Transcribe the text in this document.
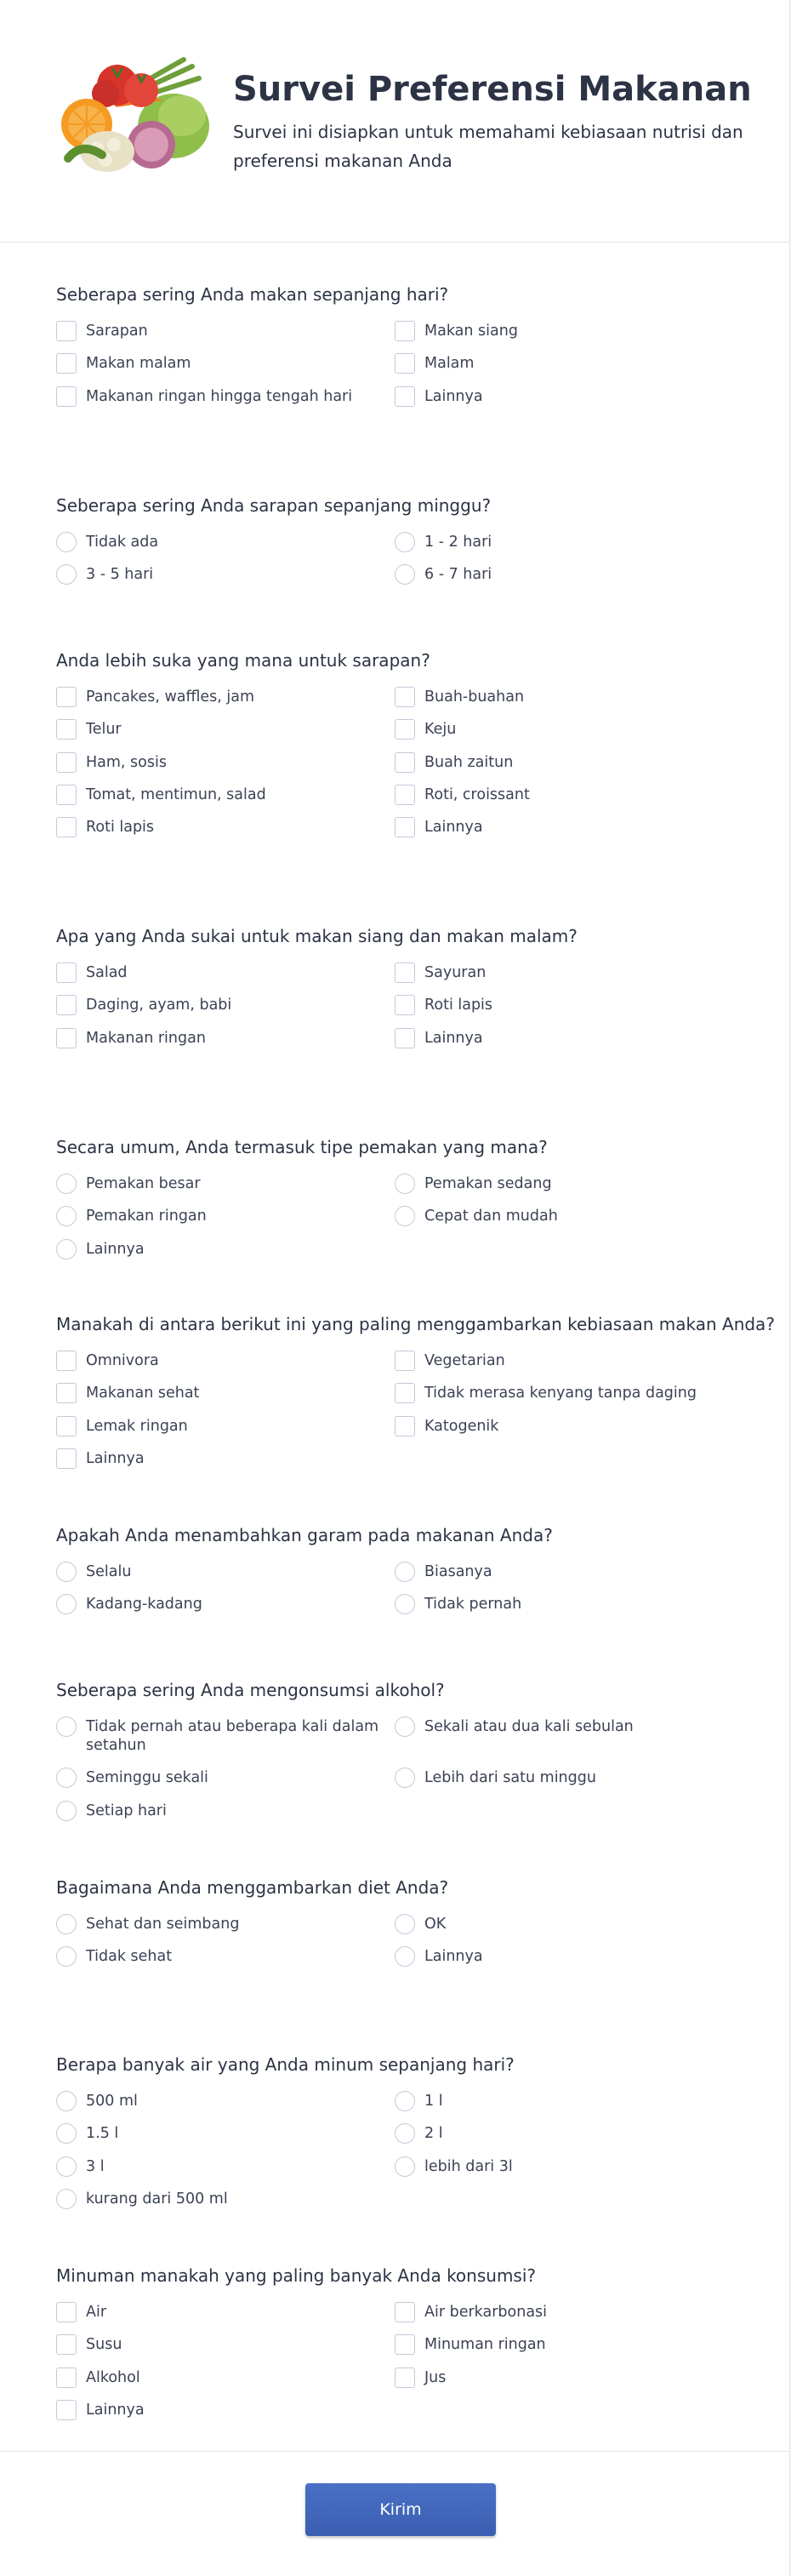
Survei Preferensi Makanan

Survei ini disiapkan untuk memahami kebiasaan nutrisi dan preferensi makanan Anda

Seberapa sering Anda makan sepanjang hari?

Sarapan	Makan siang
Makan malam	Malam
Makanan ringan hingga tengah hari	Lainnya

Seberapa sering Anda sarapan sepanjang minggu?

Tidak ada	1 - 2 hari
3 - 5 hari	6 - 7 hari

Anda lebih suka yang mana untuk sarapan?

Pancakes, waffles, jam	Buah-buahan
Telur	Keju
Ham, sosis	Buah zaitun
Tomat, mentimun, salad	Roti, croissant
Roti lapis	Lainnya

Apa yang Anda sukai untuk makan siang dan makan malam?

Salad	Sayuran
Daging, ayam, babi	Roti lapis
Makanan ringan	Lainnya

Secara umum, Anda termasuk tipe pemakan yang mana?

Pemakan besar	Pemakan sedang
Pemakan ringan	Cepat dan mudah
Lainnya

Manakah di antara berikut ini yang paling menggambarkan kebiasaan makan Anda?

Omnivora	Vegetarian
Makanan sehat	Tidak merasa kenyang tanpa daging
Lemak ringan	Katogenik
Lainnya

Apakah Anda menambahkan garam pada makanan Anda?

Selalu	Biasanya
Kadang-kadang	Tidak pernah

Seberapa sering Anda mengonsumsi alkohol?

Tidak pernah atau beberapa kali dalam setahun
Sekali atau dua kali sebulan
Seminggu sekali	Lebih dari satu minggu
Setiap hari

Bagaimana Anda menggambarkan diet Anda?

Sehat dan seimbang	OK
Tidak sehat	Lainnya

Berapa banyak air yang Anda minum sepanjang hari?

500 ml	1 l
1.5 l	2 l
3 l	lebih dari 3l
kurang dari 500 ml

Minuman manakah yang paling banyak Anda konsumsi?

Air	Air berkarbonasi
Susu	Minuman ringan
Alkohol	Jus
Lainnya
Kirim
